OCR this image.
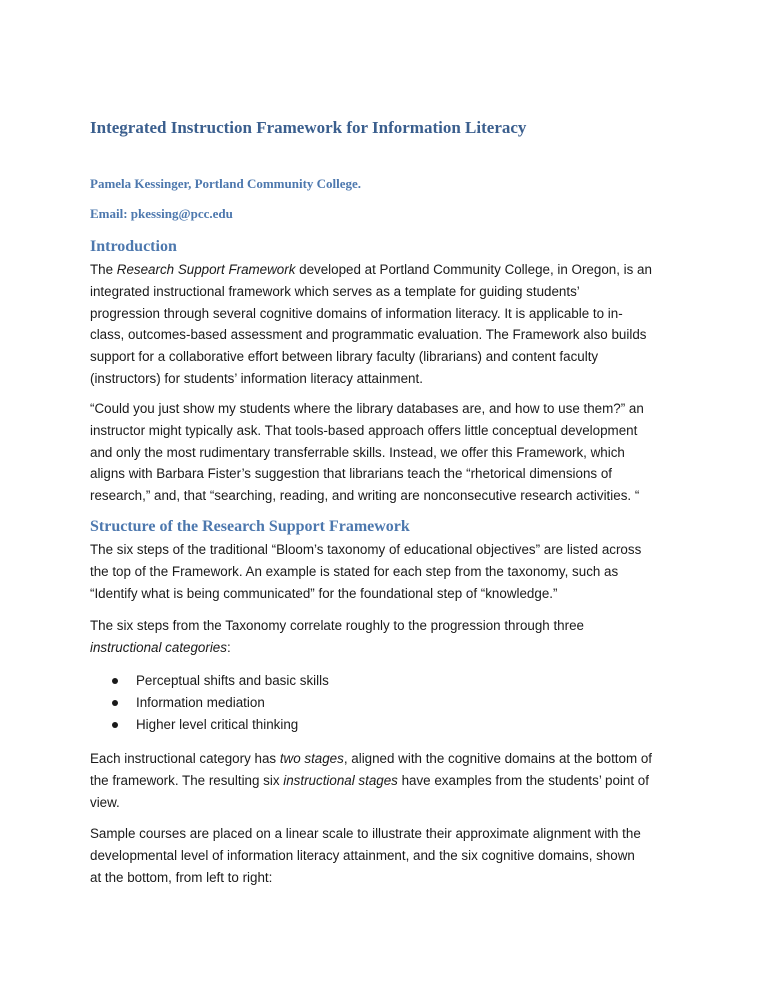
Integrated Instruction Framework for Information Literacy
Pamela Kessinger, Portland Community College.
Email: pkessing@pcc.edu
Introduction
The Research Support Framework developed at Portland Community College, in Oregon, is an
integrated instructional framework which serves as a template for guiding students’
progression through several cognitive domains of information literacy. It is applicable to in-
class, outcomes-based assessment and programmatic evaluation. The Framework also builds
support for a collaborative effort between library faculty (librarians) and content faculty
(instructors) for students’ information literacy attainment.
“Could you just show my students where the library databases are, and how to use them?” an
instructor might typically ask. That tools-based approach offers little conceptual development
and only the most rudimentary transferrable skills. Instead, we offer this Framework, which
aligns with Barbara Fister’s suggestion that librarians teach the “rhetorical dimensions of
research,” and, that “searching, reading, and writing are nonconsecutive research activities. “
Structure of the Research Support Framework
The six steps of the traditional “Bloom’s taxonomy of educational objectives” are listed across
the top of the Framework. An example is stated for each step from the taxonomy, such as
“Identify what is being communicated” for the foundational step of “knowledge.”
The six steps from the Taxonomy correlate roughly to the progression through three
instructional categories:
Perceptual shifts and basic skills
Information mediation
Higher level critical thinking
Each instructional category has two stages, aligned with the cognitive domains at the bottom of
the framework. The resulting six instructional stages have examples from the students’ point of
view.
Sample courses are placed on a linear scale to illustrate their approximate alignment with the
developmental level of information literacy attainment, and the six cognitive domains, shown
at the bottom, from left to right:
